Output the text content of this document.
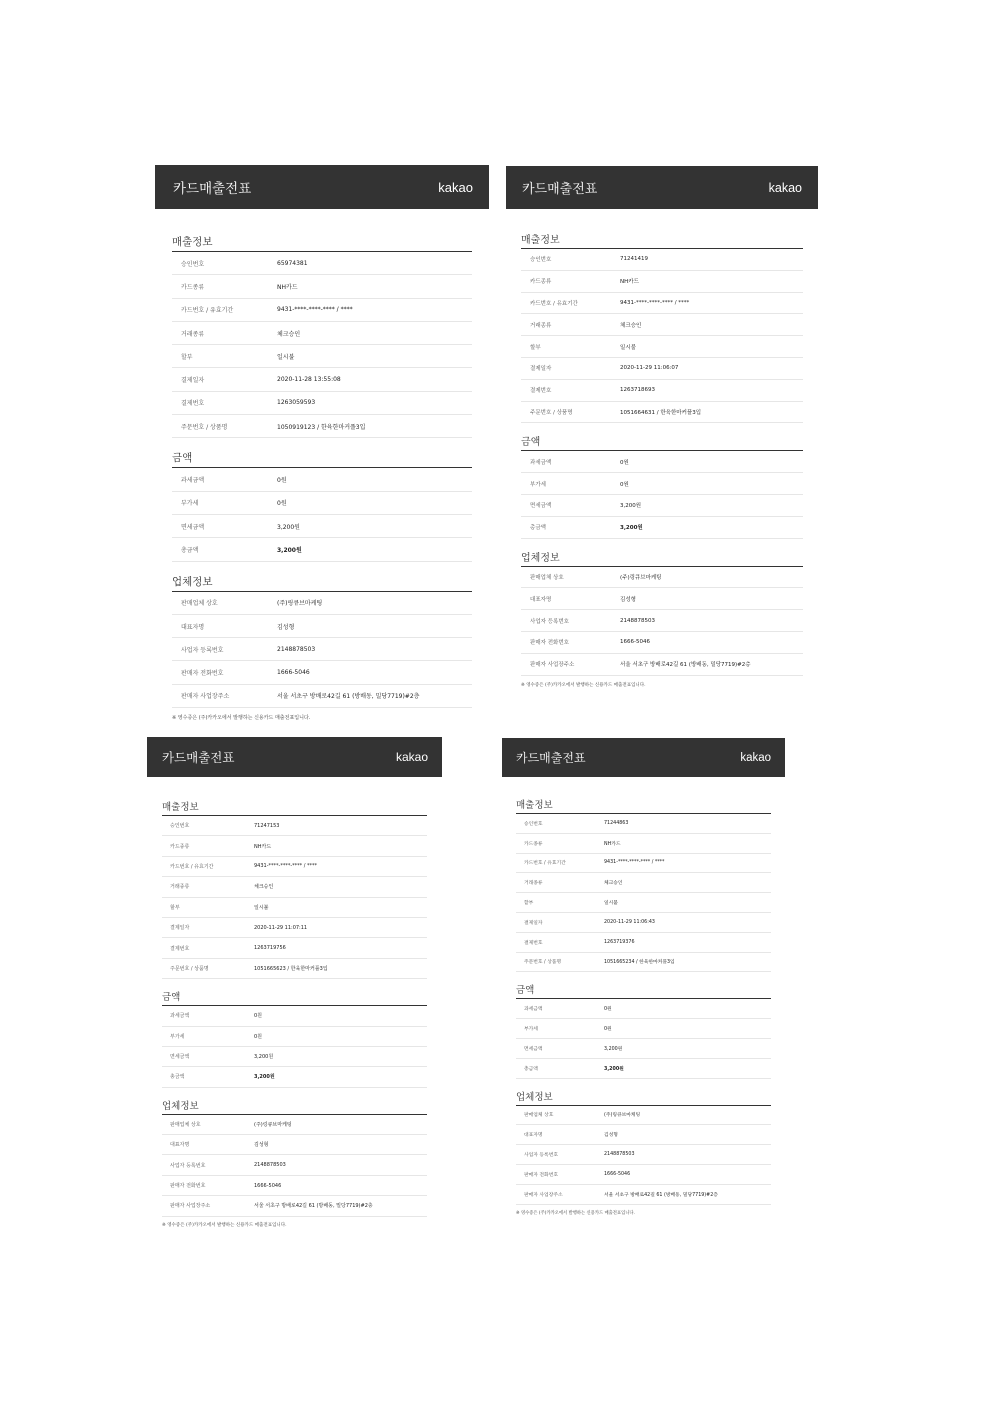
카드매출전표	kakao
매출정보
승인번호	65974381
카드종류	NH카드
카드번호 / 유효기간	9431-****-****-**** / ****
거래종류	체크승인
할부	일시불
결제일자	2020-11-28 13:55:08
결제번호	1263059593
주문번호 / 상품명	1050919123 / 한육한마커플3입
금액
과세금액	0원
부가세	0원
면세금액	3,200원
총금액	3,200원
업체정보
판매업체 상호	(주)링큐브마케팅
대표자명	김성형
사업자 등록번호	2148878503
판매자 전화번호	1666-5046
판매자 사업장주소	서울 서초구 방배로42길 61 (방배동, 밀당7719)#2층
※ 영수증은 (주)카카오에서 발행하는 신용카드 매출전표입니다.
카드매출전표	kakao
매출정보
승인번호	71241419
카드종류	NH카드
카드번호 / 유효기간	9431-****-****-**** / ****
거래종류	체크승인
할부	일시불
결제일자	2020-11-29 11:06:07
결제번호	1263718693
주문번호 / 상품명	1051664631 / 한육한마커플3입
금액
과세금액	0원
부가세	0원
면세금액	3,200원
총금액	3,200원
업체정보
판매업체 상호	(주)링큐브마케팅
대표자명	김성형
사업자 등록번호	2148878503
판매자 전화번호	1666-5046
판매자 사업장주소	서울 서초구 방배로42길 61 (방배동, 밀당7719)#2층
※ 영수증은 (주)카카오에서 발행하는 신용카드 매출전표입니다.
카드매출전표	kakao
매출정보
승인번호	71247153
카드종류	NH카드
카드번호 / 유효기간	9431-****-****-**** / ****
거래종류	체크승인
할부	일시불
결제일자	2020-11-29 11:07:11
결제번호	1263719756
주문번호 / 상품명	1051665623 / 한육한마커플3입
금액
과세금액	0원
부가세	0원
면세금액	3,200원
총금액	3,200원
업체정보
판매업체 상호	(주)링큐브마케팅
대표자명	김성형
사업자 등록번호	2148878503
판매자 전화번호	1666-5046
판매자 사업장주소	서울 서초구 방배로42길 61 (방배동, 밀당7719)#2층
※ 영수증은 (주)카카오에서 발행하는 신용카드 매출전표입니다.
카드매출전표	kakao
매출정보
승인번호	71244863
카드종류	NH카드
카드번호 / 유효기간	9431-****-****-**** / ****
거래종류	체크승인
할부	일시불
결제일자	2020-11-29 11:06:43
결제번호	1263719376
주문번호 / 상품명	1051665234 / 한육한마커플3입
금액
과세금액	0원
부가세	0원
면세금액	3,200원
총금액	3,200원
업체정보
판매업체 상호	(주)링큐브마케팅
대표자명	김성형
사업자 등록번호	2148878503
판매자 전화번호	1666-5046
판매자 사업장주소	서울 서초구 방배로42길 61 (방배동, 밀당7719)#2층
※ 영수증은 (주)카카오에서 발행하는 신용카드 매출전표입니다.
